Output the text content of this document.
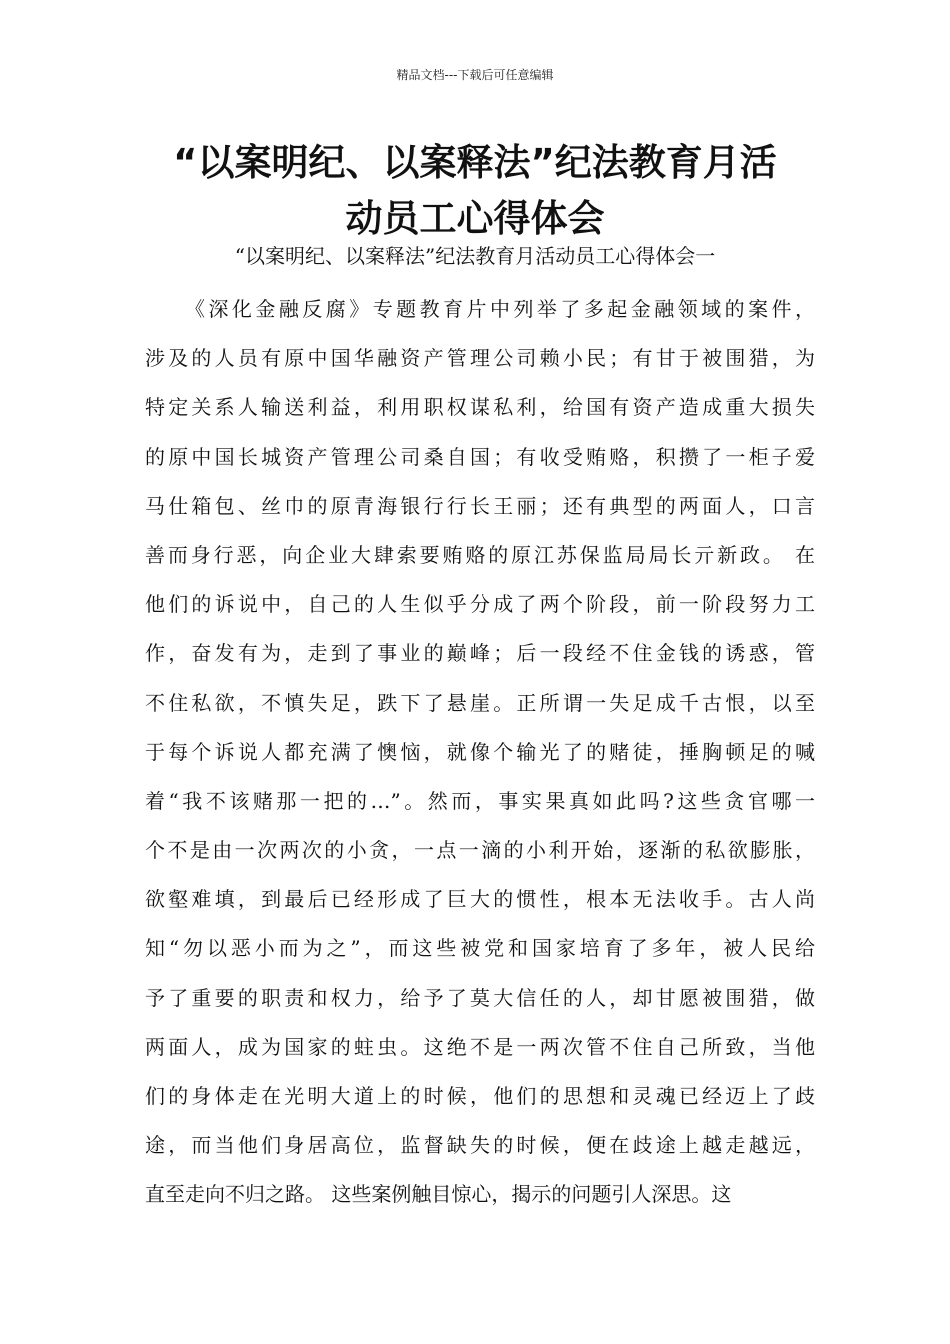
精品文档---下载后可任意编辑
“以案明纪、以案释法”纪法教育月活
动员工心得体会
“以案明纪、以案释法”纪法教育月活动员工心得体会一
《深化金融反腐》专题教育片中列举了多起金融领域的案件，
涉及的人员有原中国华融资产管理公司赖小民；有甘于被围猎，为
特定关系人输送利益，利用职权谋私利，给国有资产造成重大损失
的原中国长城资产管理公司桑自国；有收受贿赂，积攒了一柜子爱
马仕箱包、丝巾的原青海银行行长王丽；还有典型的两面人，口言
善而身行恶，向企业大肆索要贿赂的原江苏保监局局长亓新政。 在
他们的诉说中，自己的人生似乎分成了两个阶段，前一阶段努力工
作，奋发有为，走到了事业的巅峰；后一段经不住金钱的诱惑，管
不住私欲，不慎失足，跌下了悬崖。正所谓一失足成千古恨，以至
于每个诉说人都充满了懊恼，就像个输光了的赌徒，捶胸顿足的喊
着“我不该赌那一把的…”。然而，事实果真如此吗?这些贪官哪一
个不是由一次两次的小贪，一点一滴的小利开始，逐渐的私欲膨胀，
欲壑难填，到最后已经形成了巨大的惯性，根本无法收手。古人尚
知“勿以恶小而为之”，而这些被党和国家培育了多年，被人民给
予了重要的职责和权力，给予了莫大信任的人，却甘愿被围猎，做
两面人，成为国家的蛀虫。这绝不是一两次管不住自己所致，当他
们的身体走在光明大道上的时候，他们的思想和灵魂已经迈上了歧
途，而当他们身居高位，监督缺失的时候，便在歧途上越走越远，
直至走向不归之路。 这些案例触目惊心，揭示的问题引人深思。这
